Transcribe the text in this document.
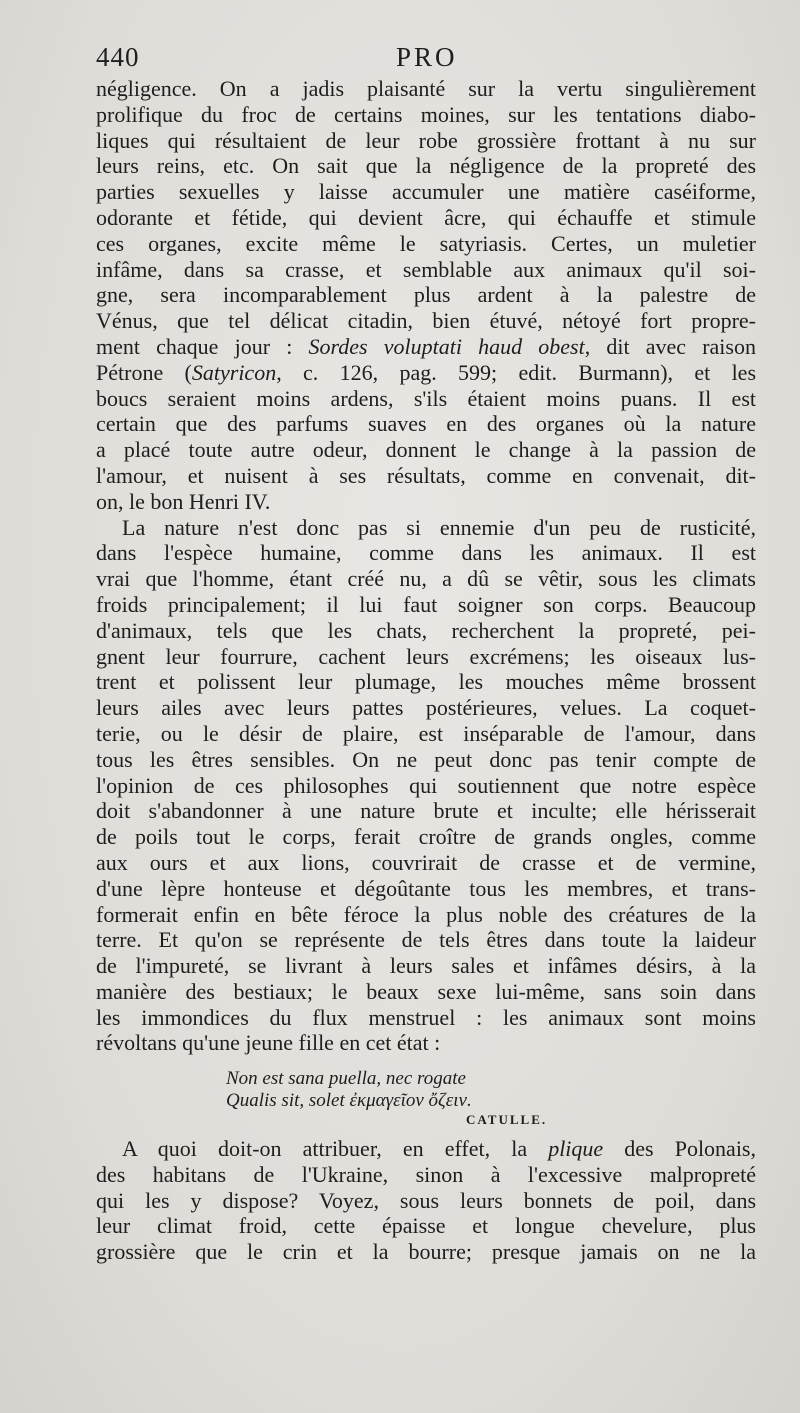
440	PRO
négligence. On a jadis plaisanté sur la vertu singulièrement
prolifique du froc de certains moines, sur les tentations diabo-
liques qui résultaient de leur robe grossière frottant à nu sur
leurs reins, etc. On sait que la négligence de la propreté des
parties sexuelles y laisse accumuler une matière caséiforme,
odorante et fétide, qui devient âcre, qui échauffe et stimule
ces organes, excite même le satyriasis. Certes, un muletier
infâme, dans sa crasse, et semblable aux animaux qu'il soi-
gne, sera incomparablement plus ardent à la palestre de
Vénus, que tel délicat citadin, bien étuvé, nétoyé fort propre-
ment chaque jour : Sordes voluptati haud obest, dit avec raison
Pétrone (Satyricon, c. 126, pag. 599; edit. Burmann), et les
boucs seraient moins ardens, s'ils étaient moins puans. Il est
certain que des parfums suaves en des organes où la nature
a placé toute autre odeur, donnent le change à la passion de
l'amour, et nuisent à ses résultats, comme en convenait, dit-
on, le bon Henri IV.
La nature n'est donc pas si ennemie d'un peu de rusticité,
dans l'espèce humaine, comme dans les animaux. Il est
vrai que l'homme, étant créé nu, a dû se vêtir, sous les climats
froids principalement; il lui faut soigner son corps. Beaucoup
d'animaux, tels que les chats, recherchent la propreté, pei-
gnent leur fourrure, cachent leurs excrémens; les oiseaux lus-
trent et polissent leur plumage, les mouches même brossent
leurs ailes avec leurs pattes postérieures, velues. La coquet-
terie, ou le désir de plaire, est inséparable de l'amour, dans
tous les êtres sensibles. On ne peut donc pas tenir compte de
l'opinion de ces philosophes qui soutiennent que notre espèce
doit s'abandonner à une nature brute et inculte; elle hérisserait
de poils tout le corps, ferait croître de grands ongles, comme
aux ours et aux lions, couvrirait de crasse et de vermine,
d'une lèpre honteuse et dégoûtante tous les membres, et trans-
formerait enfin en bête féroce la plus noble des créatures de la
terre. Et qu'on se représente de tels êtres dans toute la laideur
de l'impureté, se livrant à leurs sales et infâmes désirs, à la
manière des bestiaux; le beaux sexe lui-même, sans soin dans
les immondices du flux menstruel : les animaux sont moins
révoltans qu'une jeune fille en cet état :
Non est sana puella, nec rogate
Qualis sit, solet ἐκμαγεῖον ὄζειν.
CATULLE.
A quoi doit-on attribuer, en effet, la plique des Polonais,
des habitans de l'Ukraine, sinon à l'excessive malpropreté
qui les y dispose? Voyez, sous leurs bonnets de poil, dans
leur climat froid, cette épaisse et longue chevelure, plus
grossière que le crin et la bourre; presque jamais on ne la
